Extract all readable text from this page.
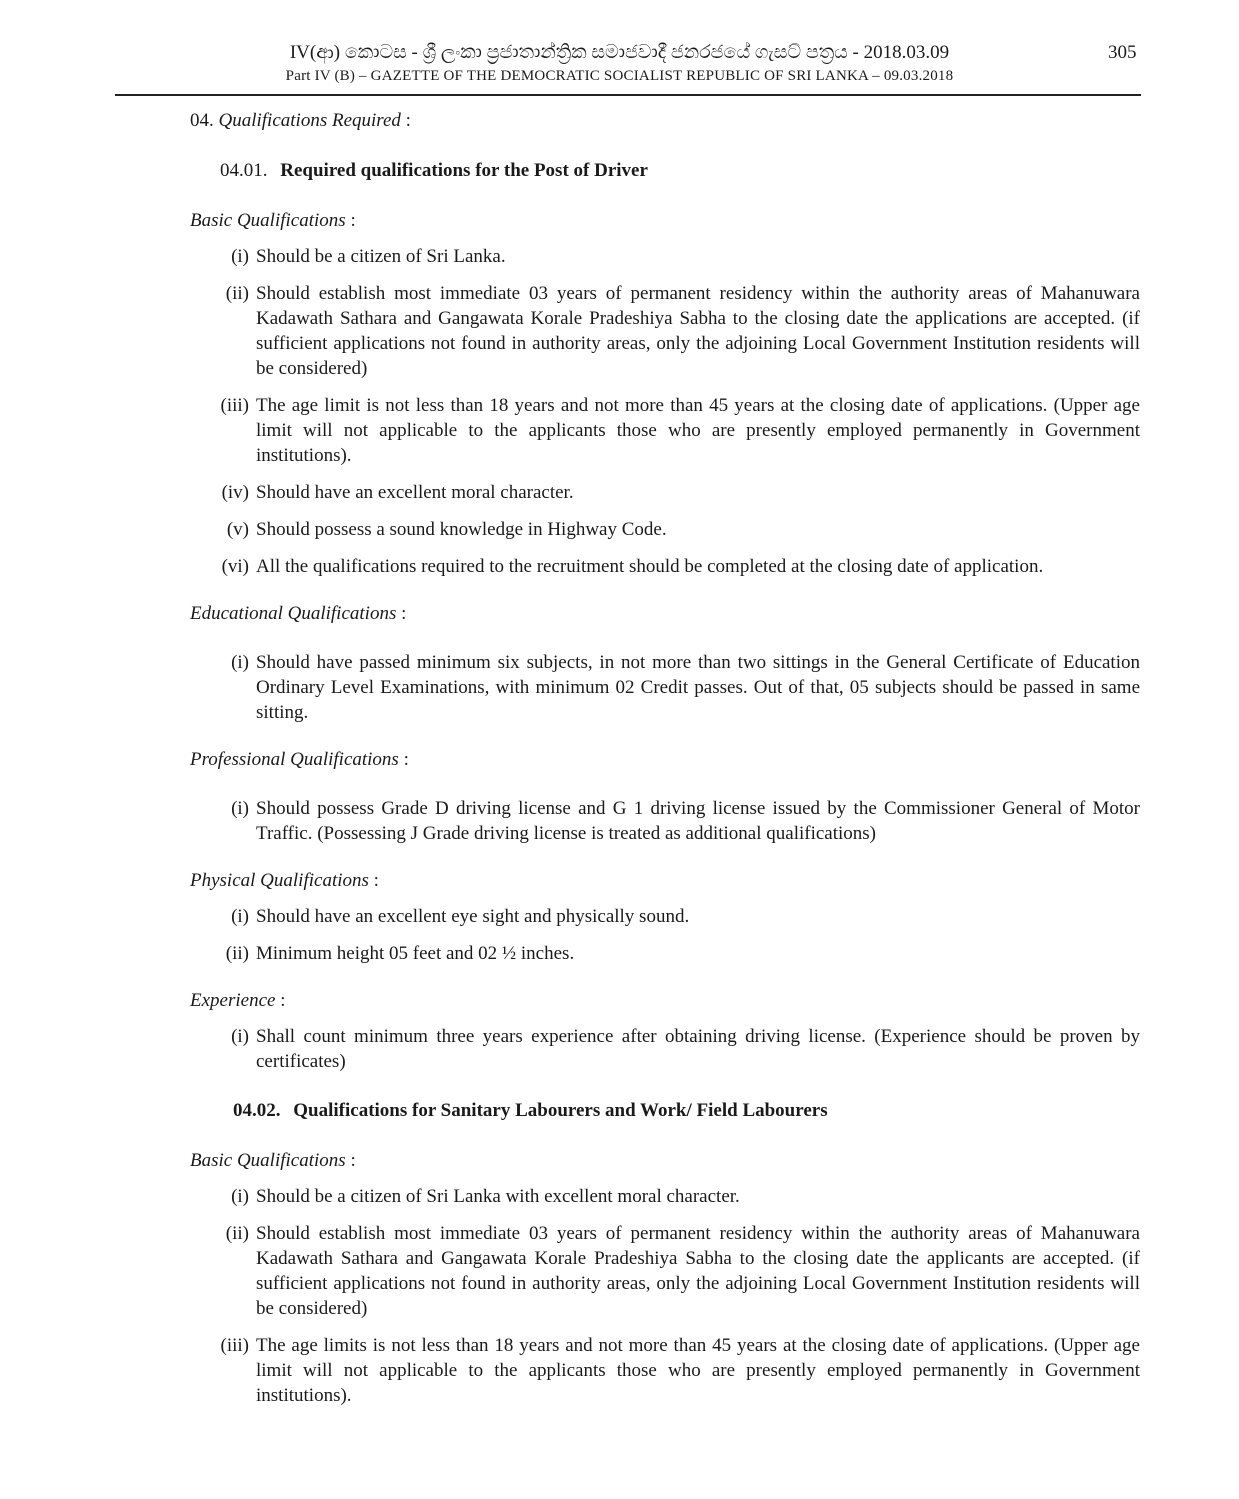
IV(ආ) කොටස - ශ්‍රී ලංකා ප්‍රජාතාන්ත්‍රික සමාජවාදී ජනරජයේ ගැසට් පත්‍රය - 2018.03.09
Part IV (B) – GAZETTE OF THE DEMOCRATIC SOCIALIST REPUBLIC OF SRI LANKA – 09.03.2018
305
04. Qualifications Required :
04.01. Required qualifications for the Post of Driver
Basic Qualifications :
(i) Should be a citizen of Sri Lanka.
(ii) Should establish most immediate 03 years of permanent residency within the authority areas of Mahanuwara Kadawath Sathara and Gangawata Korale Pradeshiya Sabha to the closing date the applications are accepted. (if sufficient applications not found in authority areas, only the adjoining Local Government Institution residents will be considered)
(iii) The age limit is not less than 18 years and not more than 45 years at the closing date of applications. (Upper age limit will not applicable to the applicants those who are presently employed permanently in Government institutions).
(iv) Should have an excellent moral character.
(v) Should possess a sound knowledge in Highway Code.
(vi) All the qualifications required to the recruitment should be completed at the closing date of application.
Educational Qualifications :
(i) Should have passed minimum six subjects, in not more than two sittings in the General Certificate of Education Ordinary Level Examinations, with minimum 02 Credit passes. Out of that, 05 subjects should be passed in same sitting.
Professional Qualifications :
(i) Should possess Grade D driving license and G 1 driving license issued by the Commissioner General of Motor Traffic. (Possessing J Grade driving license is treated as additional qualifications)
Physical Qualifications :
(i) Should have an excellent eye sight and physically sound.
(ii) Minimum height 05 feet and 02 ½ inches.
Experience :
(i) Shall count minimum three years experience after obtaining driving license. (Experience should be proven by certificates)
04.02. Qualifications for Sanitary Labourers and Work/ Field Labourers
Basic Qualifications :
(i) Should be a citizen of Sri Lanka with excellent moral character.
(ii) Should establish most immediate 03 years of permanent residency within the authority areas of Mahanuwara Kadawath Sathara and Gangawata Korale Pradeshiya Sabha to the closing date the applicants are accepted. (if sufficient applications not found in authority areas, only the adjoining Local Government Institution residents will be considered)
(iii) The age limits is not less than 18 years and not more than 45 years at the closing date of applications. (Upper age limit will not applicable to the applicants those who are presently employed permanently in Government institutions).
